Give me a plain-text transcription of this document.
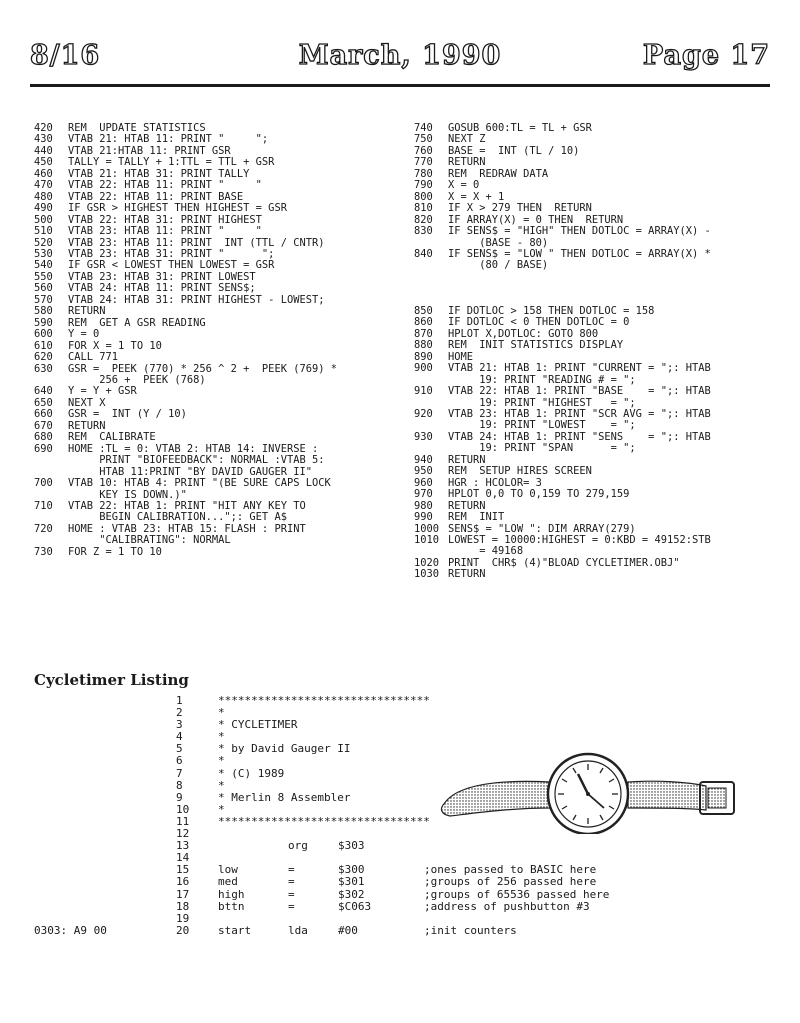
8/16	March, 1990	Page 17
420 REM  UPDATE STATISTICS
430 VTAB 21: HTAB 11: PRINT "     ";
440 VTAB 21:HTAB 11: PRINT GSR
450 TALLY = TALLY + 1:TTL = TTL + GSR
460 VTAB 21: HTAB 31: PRINT TALLY
470 VTAB 22: HTAB 11: PRINT "     "
480 VTAB 22: HTAB 11: PRINT BASE
490 IF GSR > HIGHEST THEN HIGHEST = GSR
500 VTAB 22: HTAB 31: PRINT HIGHEST
510 VTAB 23: HTAB 11: PRINT "     "
520 VTAB 23: HTAB 11: PRINT  INT (TTL / CNTR)
530 VTAB 23: HTAB 31: PRINT "      ";
540 IF GSR < LOWEST THEN LOWEST = GSR
550 VTAB 23: HTAB 31: PRINT LOWEST
560 VTAB 24: HTAB 11: PRINT SENS$;
570 VTAB 24: HTAB 31: PRINT HIGHEST - LOWEST;
580 RETURN
590 REM  GET A GSR READING
600 Y = 0
610 FOR X = 1 TO 10
620 CALL 771
630 GSR =  PEEK (770) * 256 ^ 2 +  PEEK (769) *
256 +  PEEK (768)
640 Y = Y + GSR
650 NEXT X
660 GSR =  INT (Y / 10)
670 RETURN
680 REM  CALIBRATE
690 HOME :TL = 0: VTAB 2: HTAB 14: INVERSE :
PRINT "BIOFEEDBACK": NORMAL :VTAB 5:
HTAB 11:PRINT "BY DAVID GAUGER II"
700 VTAB 10: HTAB 4: PRINT "(BE SURE CAPS LOCK
KEY IS DOWN.)"
710 VTAB 22: HTAB 1: PRINT "HIT ANY KEY TO
BEGIN CALIBRATION...";: GET A$
720 HOME : VTAB 23: HTAB 15: FLASH : PRINT
"CALIBRATING": NORMAL
730 FOR Z = 1 TO 10
740 GOSUB 600:TL = TL + GSR
750 NEXT Z
760 BASE =  INT (TL / 10)
770 RETURN
780 REM  REDRAW DATA
790 X = 0
800 X = X + 1
810 IF X > 279 THEN  RETURN
820 IF ARRAY(X) = 0 THEN  RETURN
830 IF SENS$ = "HIGH" THEN DOTLOC = ARRAY(X) -
(BASE - 80)
840 IF SENS$ = "LOW " THEN DOTLOC = ARRAY(X) *
(80 / BASE)
850 IF DOTLOC > 158 THEN DOTLOC = 158
860 IF DOTLOC < 0 THEN DOTLOC = 0
870 HPLOT X,DOTLOC: GOTO 800
880 REM  INIT STATISTICS DISPLAY
890 HOME
900 VTAB 21: HTAB 1: PRINT "CURRENT = ";: HTAB
19: PRINT "READING # = ";
910 VTAB 22: HTAB 1: PRINT "BASE    = ";: HTAB
19: PRINT "HIGHEST   = ";
920 VTAB 23: HTAB 1: PRINT "SCR AVG = ";: HTAB
19: PRINT "LOWEST    = ";
930 VTAB 24: HTAB 1: PRINT "SENS    = ";: HTAB
19: PRINT "SPAN      = ";
940 RETURN
950 REM  SETUP HIRES SCREEN
960 HGR : HCOLOR= 3
970 HPLOT 0,0 TO 0,159 TO 279,159
980 RETURN
990 REM  INIT
1000 SENS$ = "LOW ": DIM ARRAY(279)
1010 LOWEST = 10000:HIGHEST = 0:KBD = 49152:STB
= 49168
1020 PRINT  CHR$ (4)"BLOAD CYCLETIMER.OBJ"
1030 RETURN
Cycletimer Listing
1	********************************
2	*
3	* CYCLETIMER
4	*
5	* by David Gauger II
6	*
7	* (C) 1989
8	*
9	* Merlin 8 Assembler
10	*
11	********************************
12
13	org	$303
14
15	low	=	$300	;ones passed to BASIC here
16	med	=	$301	;groups of 256 passed here
17	high	=	$302	;groups of 65536 passed here
18	bttn	=	$C063	;address of pushbutton #3
19
0303: A9 00	20	start	lda	#00	;init counters
